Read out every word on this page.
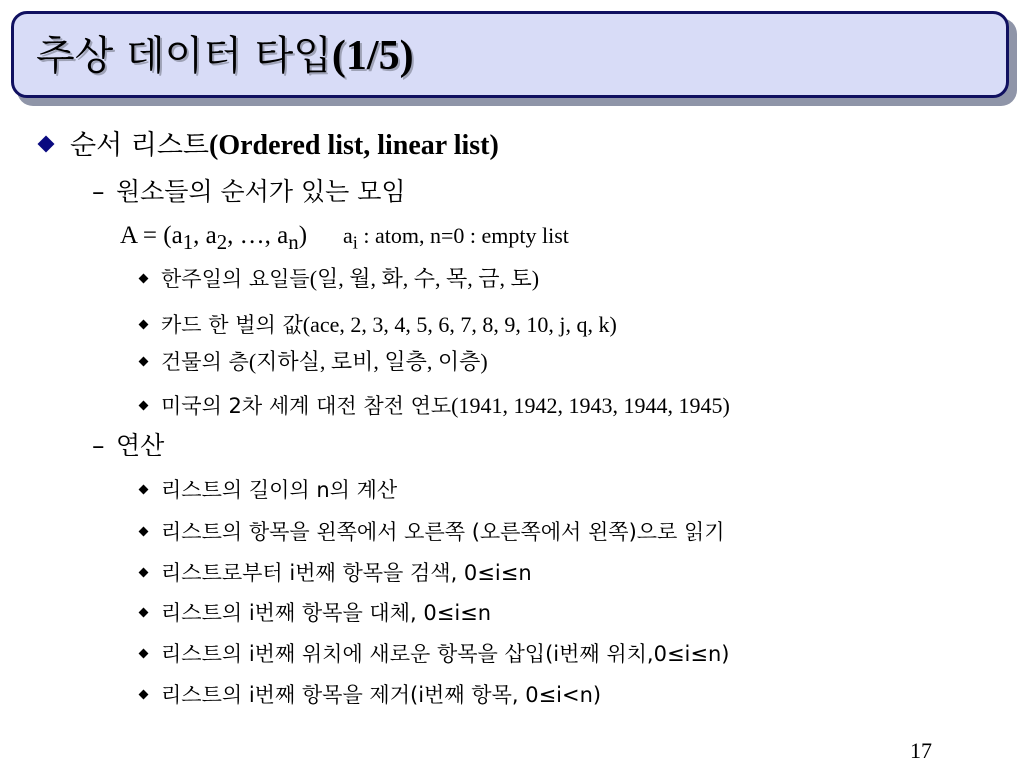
추상 데이터 타입(1/5)
순서 리스트(Ordered list, linear list)
– 원소들의 순서가 있는 모임
$A = (a_1$, $a_2$, …, $a_n$) $a_i$ : atom, n=0 : empty list
한주일의 요일들(일, 월, 화, 수, 목, 금, 토)
카드 한 벌의 값(ace, 2, 3, 4, 5, 6, 7, 8, 9, 10, j, q, k)
건물의 층(지하실, 로비, 일층, 이층)
미국의 2차 세계 대전 참전 연도(1941, 1942, 1943, 1944, 1945)
– 연산
리스트의 길이의 n의 계산
리스트의 항목을 왼쪽에서 오른쪽 (오른쪽에서 왼쪽)으로 읽기
리스트로부터 i번째 항목을 검색, 0≤i≤n
리스트의 i번째 항목을 대체, 0≤i≤n
리스트의 i번째 위치에 새로운 항목을 삽입(i번째 위치,0≤i≤n)
리스트의 i번째 항목을 제거(i번째 항목, 0≤i<n)
17
